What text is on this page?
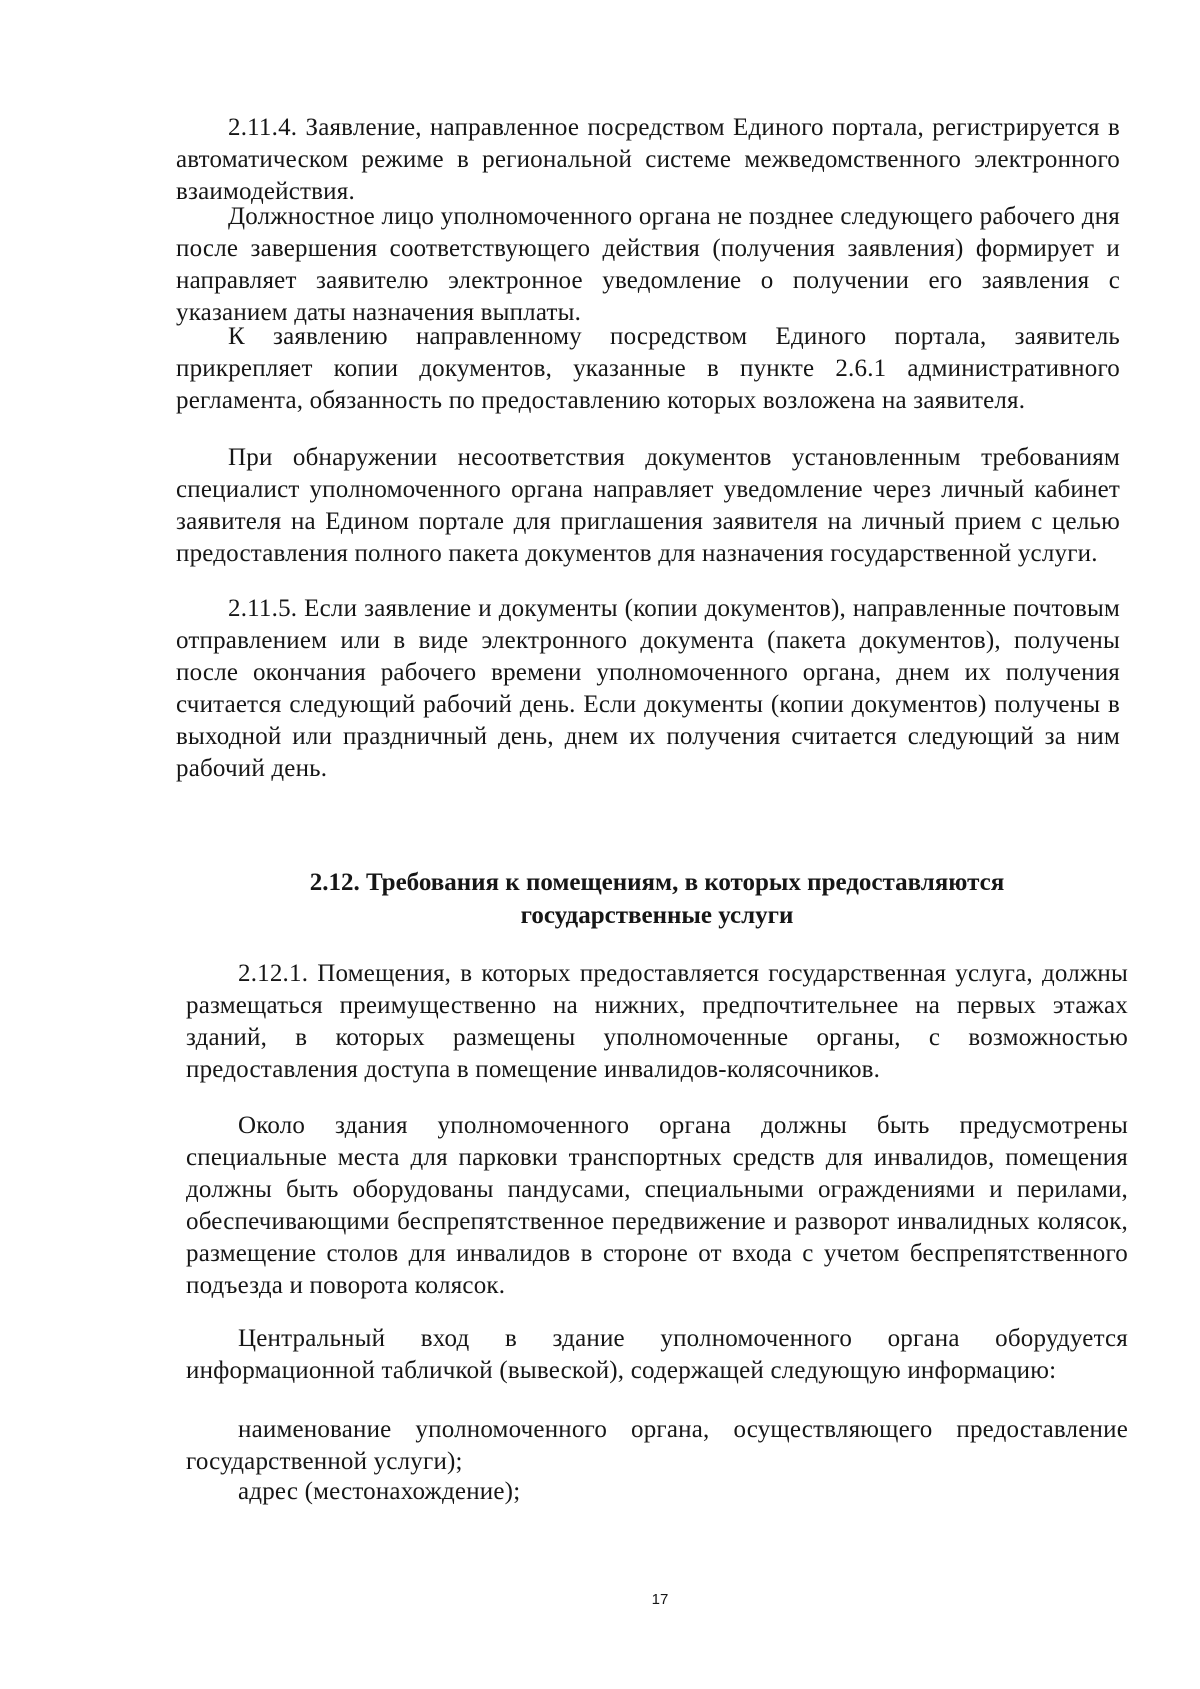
2.11.4. Заявление, направленное посредством Единого портала, регистрируется в автоматическом режиме в региональной системе межведомственного электронного взаимодействия.

Должностное лицо уполномоченного органа не позднее следующего рабочего дня после завершения соответствующего действия (получения заявления) формирует и направляет заявителю электронное уведомление о получении его заявления с указанием даты назначения выплаты.

К заявлению направленному посредством Единого портала, заявитель прикрепляет копии документов, указанные в пункте 2.6.1 административного регламента, обязанность по предоставлению которых возложена на заявителя.

При обнаружении несоответствия документов установленным требованиям специалист уполномоченного органа направляет уведомление через личный кабинет заявителя на Едином портале для приглашения заявителя на личный прием с целью предоставления полного пакета документов для назначения государственной услуги.

2.11.5. Если заявление и документы (копии документов), направленные почтовым отправлением или в виде электронного документа (пакета документов), получены после окончания рабочего времени уполномоченного органа, днем их получения считается следующий рабочий день. Если документы (копии документов) получены в выходной или праздничный день, днем их получения считается следующий за ним рабочий день.

2.12. Требования к помещениям, в которых предоставляются
государственные услуги

2.12.1. Помещения, в которых предоставляется государственная услуга, должны размещаться преимущественно на нижних, предпочтительнее на первых этажах зданий, в которых размещены уполномоченные органы, с возможностью предоставления доступа в помещение инвалидов-колясочников.

Около здания уполномоченного органа должны быть предусмотрены специальные места для парковки транспортных средств для инвалидов, помещения должны быть оборудованы пандусами, специальными ограждениями и перилами, обеспечивающими беспрепятственное передвижение и разворот инвалидных колясок, размещение столов для инвалидов в стороне от входа с учетом беспрепятственного подъезда и поворота колясок.

Центральный вход в здание уполномоченного органа оборудуется информационной табличкой (вывеской), содержащей следующую информацию:

наименование уполномоченного органа, осуществляющего предоставление государственной услуги);

адрес (местонахождение);

17
